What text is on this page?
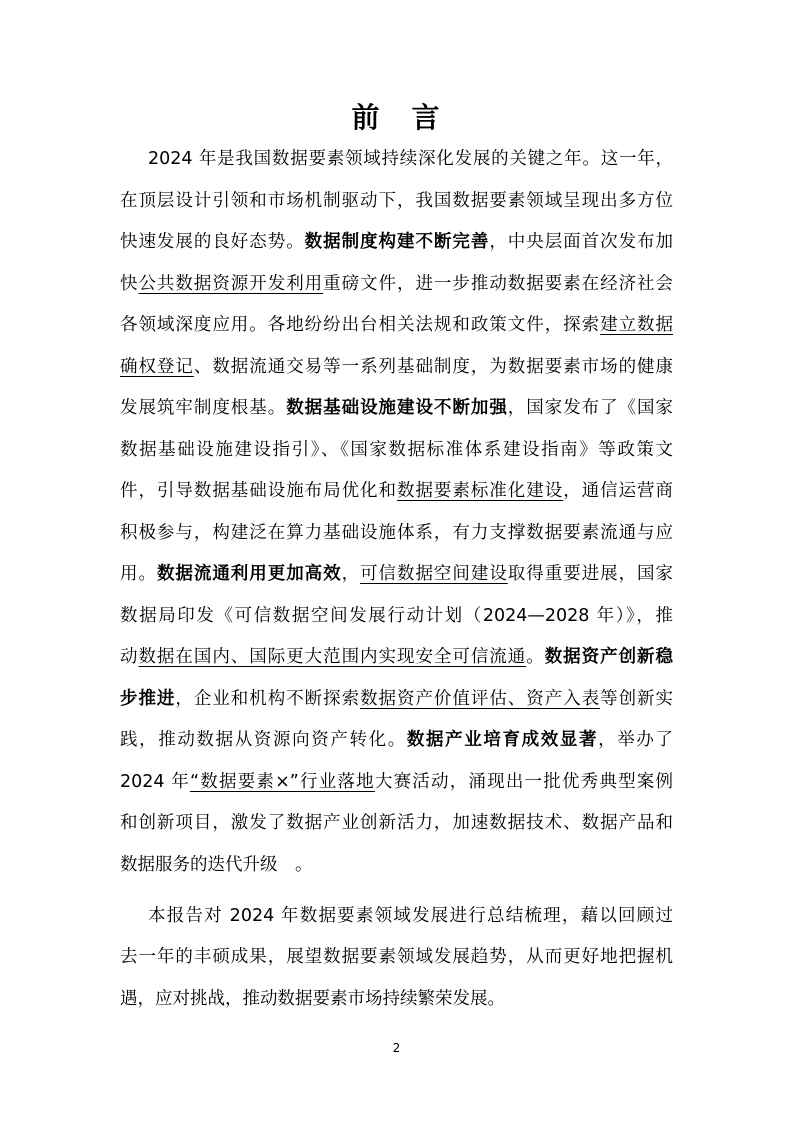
前　言
2024 年是我国数据要素领域持续深化发展的关键之年。这一年，
在顶层设计引领和市场机制驱动下，我国数据要素领域呈现出多方位
快速发展的良好态势。数据制度构建不断完善，中央层面首次发布加
快公共数据资源开发利用重磅文件，进一步推动数据要素在经济社会
各领域深度应用。各地纷纷出台相关法规和政策文件，探索建立数据
确权登记、数据流通交易等一系列基础制度，为数据要素市场的健康
发展筑牢制度根基。数据基础设施建设不断加强，国家发布了《国家
数据基础设施建设指引》、《国家数据标准体系建设指南》等政策文
件，引导数据基础设施布局优化和数据要素标准化建设，通信运营商
积极参与，构建泛在算力基础设施体系，有力支撑数据要素流通与应
用。数据流通利用更加高效，可信数据空间建设取得重要进展，国家
数据局印发《可信数据空间发展行动计划（2024—2028 年）》，推
动数据在国内、国际更大范围内实现安全可信流通。数据资产创新稳
步推进，企业和机构不断探索数据资产价值评估、资产入表等创新实
践，推动数据从资源向资产转化。数据产业培育成效显著，举办了
2024 年“数据要素×”行业落地大赛活动，涌现出一批优秀典型案例
和创新项目，激发了数据产业创新活力，加速数据技术、数据产品和
数据服务的迭代升级　。
本报告对 2024 年数据要素领域发展进行总结梳理，藉以回顾过
去一年的丰硕成果，展望数据要素领域发展趋势，从而更好地把握机
遇，应对挑战，推动数据要素市场持续繁荣发展。
2
